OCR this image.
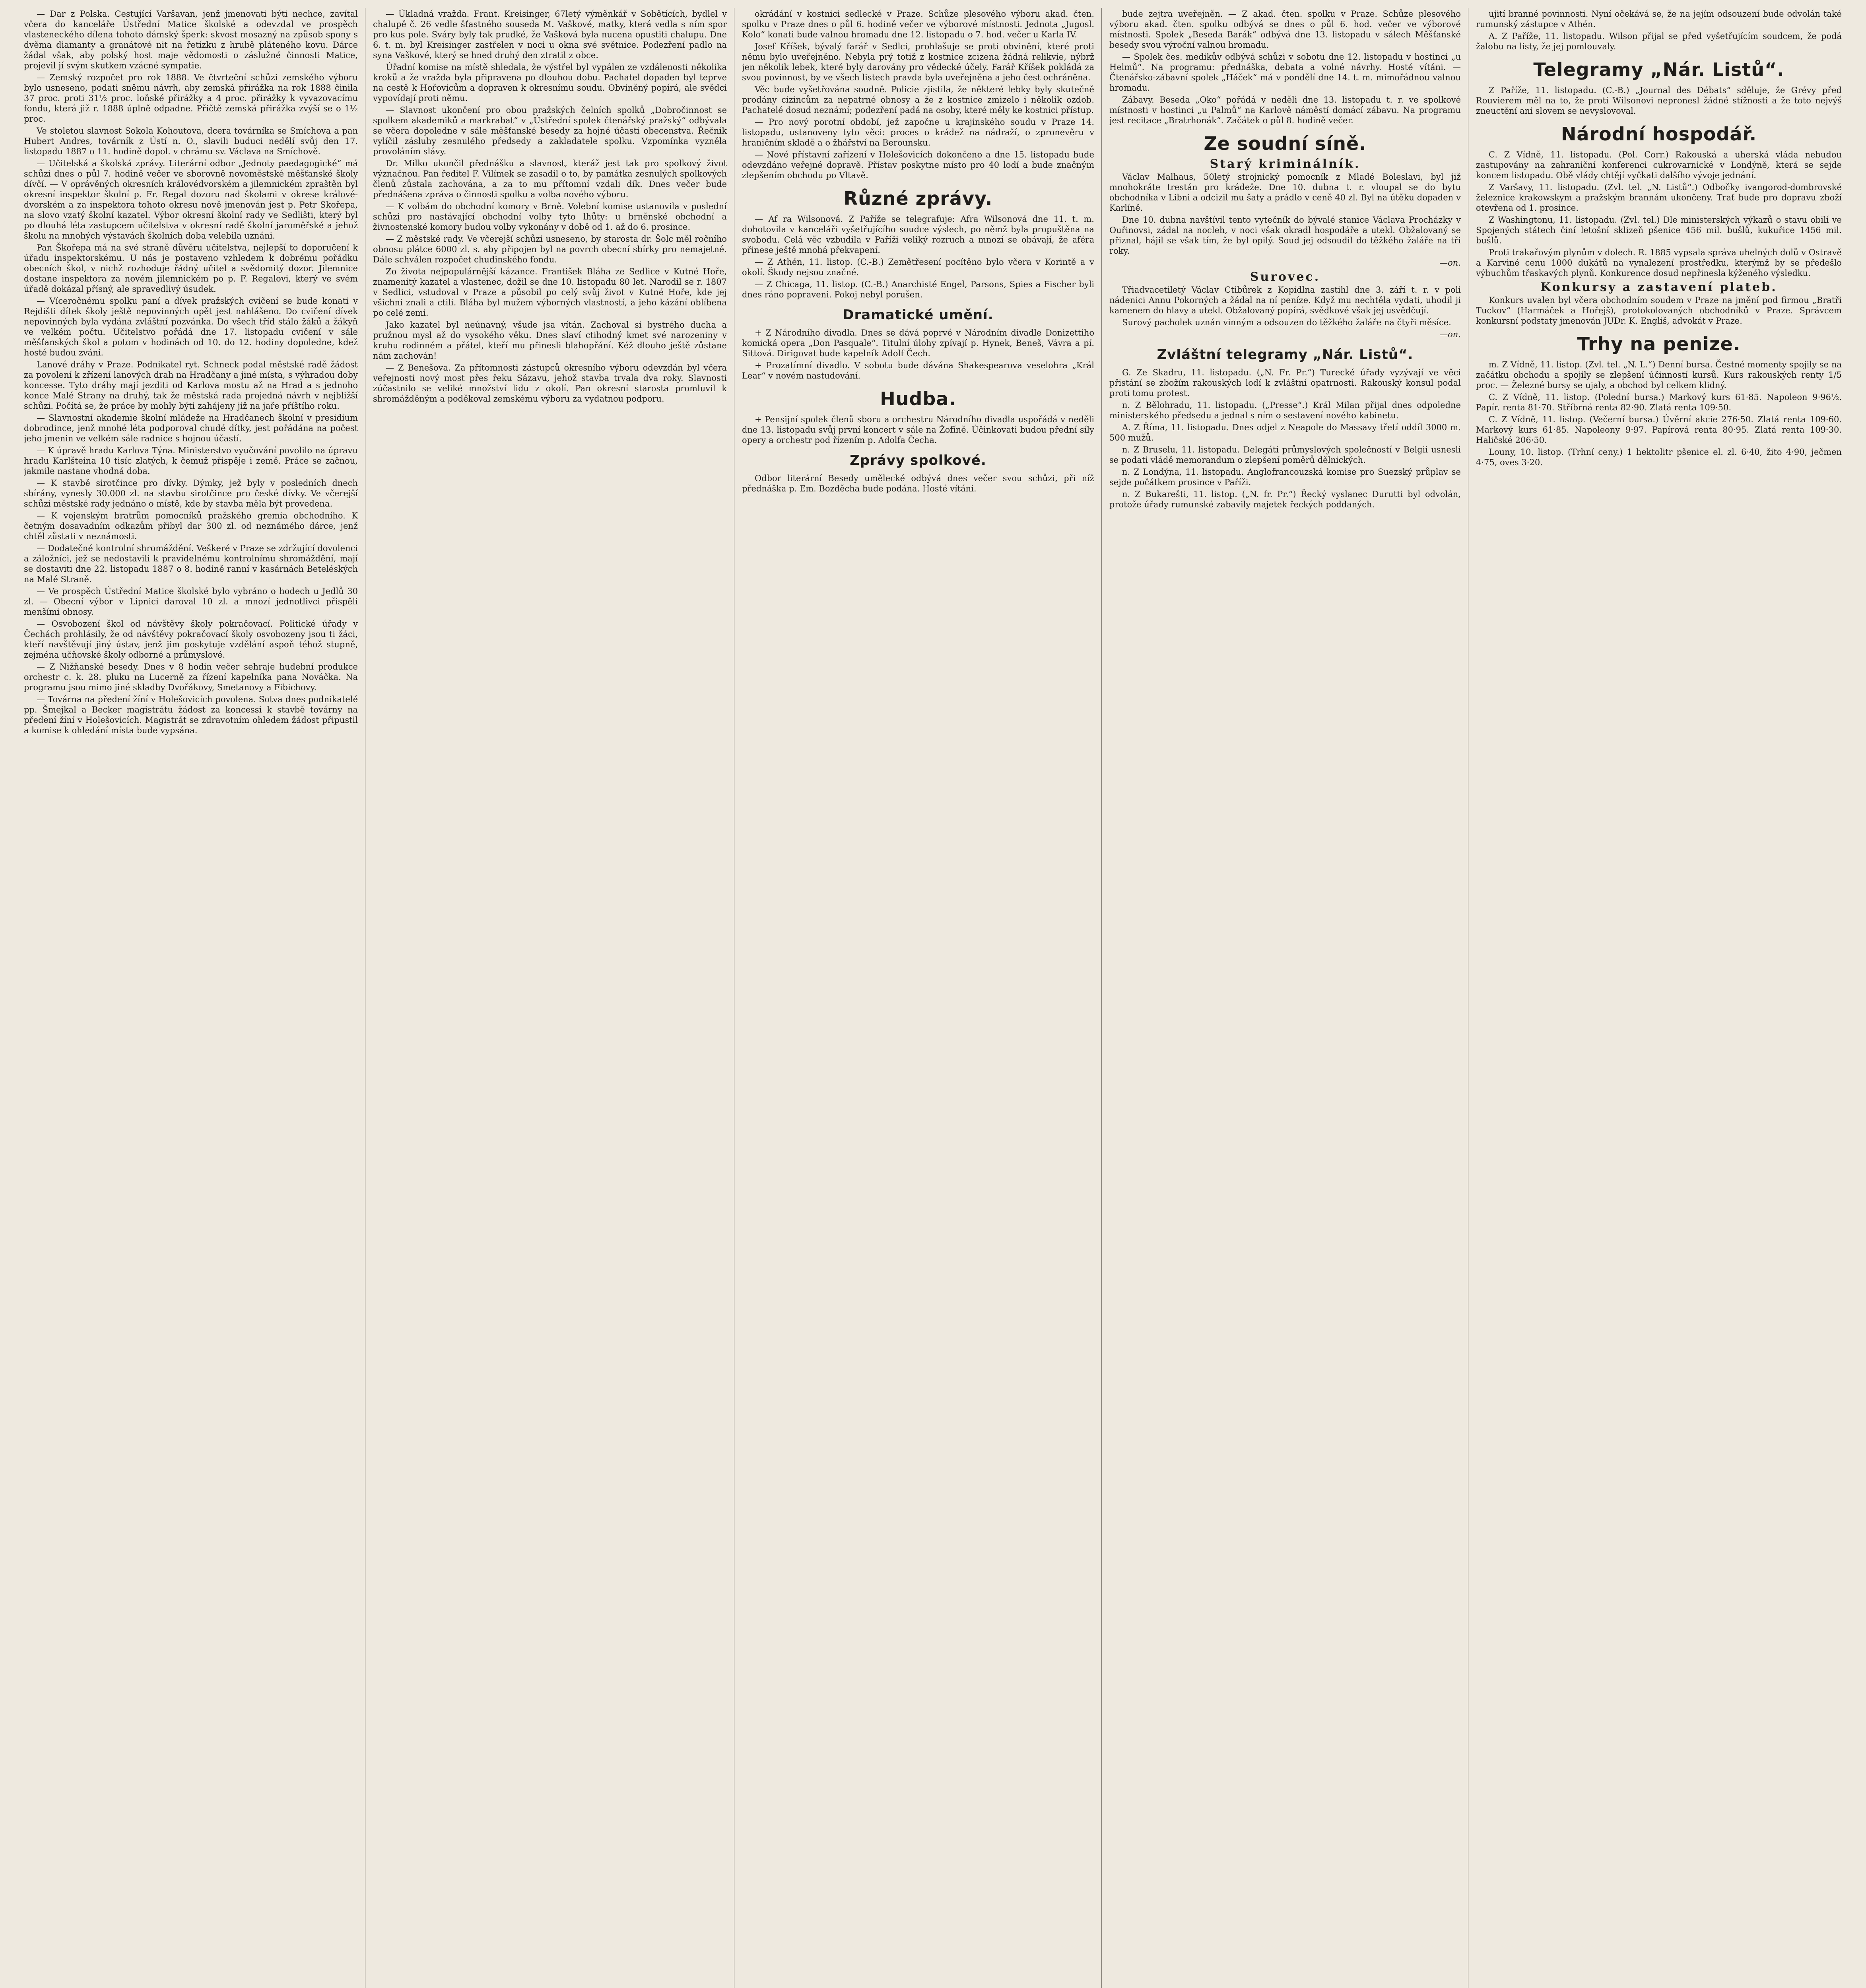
— Dar z Polska. Cestující Varšavan, jenž jmenovati býti nechce, zavítal včera do kanceláře Ústřední Matice školské a odevzdal ve prospěch vlasteneckého dílena tohoto dámský šperk: skvost mosazný na způsob spony s dvěma diamanty a granátové nit na řetízku z hrubě pláteného kovu. Dárce žádal však, aby polský host maje vědomosti o záslužné činnosti Matice, projevil jí svým skutkem vzácné sympatie.

— Zemský rozpočet pro rok 1888. Ve čtvrteční schůzi zemského výboru bylo usneseno, podati sněmu návrh, aby zemská přirážka na rok 1888 činila 37 proc. proti 31½ proc. loňské přirážky a 4 proc. přirážky k vyvazovacímu fondu, která již r. 1888 úplně odpadne. Přičtě zemská přirážka zvýší se o 1½ proc.

Ve stoletou slavnost Sokola Kohoutova, dcera továrníka se Smíchova a pan Hubert Andres, továrník z Ústí n. O., slavili buduci nedělí svůj den 17. listopadu 1887 o 11. hodině dopol. v chrámu sv. Václava na Smíchově.

— Učitelská a školská zprávy. Literární odbor „Jednoty paedagogické“ má schůzi dnes o půl 7. hodině večer ve sborovně novoměstské měšťanské školy dívčí. — V oprávěných okresních královédvorském a jilemnickém zpraštěn byl okresní inspektor školní p. Fr. Regal dozoru nad školami v okrese králové-dvorském a za inspektora tohoto okresu nově jmenován jest p. Petr Skořepa, na slovo vzatý školní kazatel. Výbor okresní školní rady ve Sedlišti, který byl po dlouhá léta zastupcem učitelstva v okresní radě školní jaroměřské a jehož školu na mnohých výstavách školních doba velebila uznáni.

Pan Škořepa má na své straně důvěru učitelstva, nejlepší to doporučení k úřadu inspektorskému. U nás je postaveno vzhledem k dobrému pořádku obecních škol, v nichž rozhoduje řádný učitel a svědomitý dozor. Jilemnice dostane inspektora za novém jilemnickém po p. F. Regalovi, který ve svém úřadě dokázal přísný, ale spravedlivý úsudek.

— Víceročnému spolku paní a dívek pražských cvičení se bude konati v Rejdišti dítek školy ještě nepovinných opět jest nahlášeno. Do cvičení dívek nepovinných byla vydána zvláštní pozvánka. Do všech tříd stálo žáků a žákyň ve velkém počtu. Učitelstvo pořádá dne 17. listopadu cvičení v sále měšťanských škol a potom v hodinách od 10. do 12. hodiny dopoledne, kdež hosté budou zváni.

Lanové dráhy v Praze. Podnikatel ryt. Schneck podal městské radě žádost za povolení k zřízení lanových drah na Hradčany a jiné místa, s výhradou doby koncesse. Tyto dráhy mají jezditi od Karlova mostu až na Hrad a s jednoho konce Malé Strany na druhý, tak že městská rada projedná návrh v nejbližší schůzi. Počítá se, že práce by mohly býti zahájeny již na jaře příštího roku.

— Slavnostní akademie školní mládeže na Hradčanech školní v presidium dobrodince, jenž mnohé léta podporoval chudé dítky, jest pořádána na počest jeho jmenin ve velkém sále radnice s hojnou účastí.

— K úpravě hradu Karlova Týna. Ministerstvo vyučování povolilo na úpravu hradu Karlšteina 10 tisíc zlatých, k čemuž přispěje i země. Práce se začnou, jakmile nastane vhodná doba.

— K stavbě sirotčince pro dívky. Dýmky, jež byly v posledních dnech sbírány, vynesly 30.000 zl. na stavbu sirotčince pro české dívky. Ve včerejší schůzi městské rady jednáno o místě, kde by stavba měla být provedena.

— K vojenským bratrům pomocníků pražského gremia obchodního. K četným dosavadním odkazům přibyl dar 300 zl. od neznámého dárce, jenž chtěl zůstati v neznámosti.

— Dodatečné kontrolní shromáždění. Veškeré v Praze se zdržující dovolenci a záložníci, jež se nedostavili k pravidelnému kontrolnímu shromáždění, mají se dostaviti dne 22. listopadu 1887 o 8. hodině ranní v kasárnách Beteléských na Malé Straně.

— Ve prospěch Ústřední Matice školské bylo vybráno o hodech u Jedlů 30 zl. — Obecní výbor v Lipnici daroval 10 zl. a mnozí jednotlivci přispěli menšími obnosy.

— Osvobození škol od návštěvy školy pokračovací. Politické úřady v Čechách prohlásily, že od návštěvy pokračovací školy osvobozeny jsou ti žáci, kteří navštěvují jiný ústav, jenž jim poskytuje vzdělání aspoň téhož stupně, zejména učňovské školy odborné a průmyslové.

— Z Nižňanské besedy. Dnes v 8 hodin večer sehraje hudební produkce orchestr c. k. 28. pluku na Lucerně za řízení kapelníka pana Nováčka. Na programu jsou mimo jiné skladby Dvořákovy, Smetanovy a Fibichovy.

— Továrna na předení žíní v Holešovicích povolena. Sotva dnes podnikatelé pp. Šmejkal a Becker magistrátu žádost za koncessi k stavbě továrny na předení žíní v Holešovicích. Magistrát se zdravotním ohledem žádost připustil a komise k ohledání místa bude vypsána.

— Úkladná vražda. Frant. Kreisinger, 67letý výměnkář v Sobětících, bydlel v chalupě č. 26 vedle šťastného souseda M. Vaškové, matky, která vedla s ním spor pro kus pole. Sváry byly tak prudké, že Vašková byla nucena opustiti chalupu. Dne 6. t. m. byl Kreisinger zastřelen v noci u okna své světnice. Podezření padlo na syna Vaškové, který se hned druhý den ztratil z obce.

Úřadní komise na místě shledala, že výstřel byl vypálen ze vzdálenosti několika kroků a že vražda byla připravena po dlouhou dobu. Pachatel dopaden byl teprve na cestě k Hořovicům a dopraven k okresnímu soudu. Obviněný popírá, ale svědci vypovídají proti němu.

— Slavnost ukončení pro obou pražských čelních spolků „Dobročinnost se spolkem akademiků a markrabat“ v „Ústřední spolek čtenářský pražský“ odbývala se včera dopoledne v sále měšťanské besedy za hojné účasti obecenstva. Řečník vylíčil zásluhy zesnulého předsedy a zakladatele spolku. Vzpomínka vyzněla provoláním slávy.

Dr. Milko ukončil přednášku a slavnost, kteráž jest tak pro spolkový život význačnou. Pan ředitel F. Vilímek se zasadil o to, by památka zesnulých spolkových členů zůstala zachována, a za to mu přítomní vzdali dík. Dnes večer bude přednášena zpráva o činnosti spolku a volba nového výboru.

— K volbám do obchodní komory v Brně. Volební komise ustanovila v poslední schůzi pro nastávající obchodní volby tyto lhůty: u brněnské obchodní a živnostenské komory budou volby vykonány v době od 1. až do 6. prosince.

— Z městské rady. Ve včerejší schůzi usneseno, by starosta dr. Šolc měl ročního obnosu plátce 6000 zl. s. aby připojen byl na povrch obecní sbírky pro nemajetné. Dále schválen rozpočet chudinského fondu.

Zo života nejpopulárnější kázance. František Bláha ze Sedlice v Kutné Hoře, znamenitý kazatel a vlastenec, dožil se dne 10. listopadu 80 let. Narodil se r. 1807 v Sedlici, vstudoval v Praze a působil po celý svůj život v Kutné Hoře, kde jej všichni znali a ctili. Bláha byl mužem výborných vlastností, a jeho kázání oblíbena po celé zemi.

Jako kazatel byl neúnavný, všude jsa vítán. Zachoval si bystrého ducha a pružnou mysl až do vysokého věku. Dnes slaví ctihodný kmet své narozeniny v kruhu rodinném a přátel, kteří mu přinesli blahopřání. Kéž dlouho ještě zůstane nám zachován!

— Z Benešova. Za přítomnosti zástupců okresního výboru odevzdán byl včera veřejnosti nový most přes řeku Sázavu, jehož stavba trvala dva roky. Slavnosti zúčastnilo se veliké množství lidu z okolí. Pan okresní starosta promluvil k shromážděným a poděkoval zemskému výboru za vydatnou podporu.

okrádání v kostnici sedlecké v Praze. Schůze plesového výboru akad. čten. spolku v Praze dnes o půl 6. hodině večer ve výborové místnosti. Jednota „Jugosl. Kolo“ konati bude valnou hromadu dne 12. listopadu o 7. hod. večer u Karla IV.

Josef Kříšek, bývalý farář v Sedlci, prohlašuje se proti obvinění, které proti němu bylo uveřejněno. Nebyla prý totiž z kostnice zcizena žádná relikvie, nýbrž jen několik lebek, které byly darovány pro vědecké účely. Farář Kříšek pokládá za svou povinnost, by ve všech listech pravda byla uveřejněna a jeho čest ochráněna.

Věc bude vyšetřována soudně. Policie zjistila, že některé lebky byly skutečně prodány cizincům za nepatrné obnosy a že z kostnice zmizelo i několik ozdob. Pachatelé dosud neznámí; podezření padá na osoby, které měly ke kostnici přístup.

— Pro nový porotní období, jež započne u krajinského soudu v Praze 14. listopadu, ustanoveny tyto věci: proces o krádež na nádraží, o zpronevěru v hraničním skladě a o žhářství na Berounsku.

— Nové přístavní zařízení v Holešovicích dokončeno a dne 15. listopadu bude odevzdáno veřejné dopravě. Přístav poskytne místo pro 40 lodí a bude značným zlepšením obchodu po Vltavě.

Různé zprávy.

— Af ra Wilsonová. Z Paříže se telegrafuje: Afra Wilsonová dne 11. t. m. dohotovila v kanceláři vyšetřujícího soudce výslech, po němž byla propuštěna na svobodu. Celá věc vzbudila v Paříži veliký rozruch a mnozí se obávají, že aféra přinese ještě mnohá překvapení.

— Z Athén, 11. listop. (C.-B.) Zemětřesení pocítěno bylo včera v Korintě a v okolí. Škody nejsou značné.

— Z Chicaga, 11. listop. (C.-B.) Anarchisté Engel, Parsons, Spies a Fischer byli dnes ráno popraveni. Pokoj nebyl porušen.

Dramatické umění.

+ Z Národního divadla. Dnes se dává poprvé v Národním divadle Donizettiho komická opera „Don Pasquale“. Titulní úlohy zpívají p. Hynek, Beneš, Vávra a pí. Sittová. Dirigovat bude kapelník Adolf Čech.

+ Prozatímní divadlo. V sobotu bude dávána Shakespearova veselohra „Král Lear“ v novém nastudování.

Hudba.

+ Pensijní spolek členů sboru a orchestru Národního divadla uspořádá v neděli dne 13. listopadu svůj první koncert v sále na Žofíně. Účinkovati budou přední síly opery a orchestr pod řízením p. Adolfa Čecha.

Zprávy spolkové.

Odbor literární Besedy umělecké odbývá dnes večer svou schůzi, při níž přednáška p. Em. Bozděcha bude podána. Hosté vítáni.

bude zejtra uveřejněn. — Z akad. čten. spolku v Praze. Schůze plesového výboru akad. čten. spolku odbývá se dnes o půl 6. hod. večer ve výborové místnosti. Spolek „Beseda Barák“ odbývá dne 13. listopadu v sálech Měšťanské besedy svou výroční valnou hromadu.

— Spolek čes. medikův odbývá schůzi v sobotu dne 12. listopadu v hostinci „u Helmů“. Na programu: přednáška, debata a volné návrhy. Hosté vítáni. — Čtenářsko-zábavní spolek „Háček“ má v pondělí dne 14. t. m. mimořádnou valnou hromadu.

Zábavy. Beseda „Oko“ pořádá v neděli dne 13. listopadu t. r. ve spolkové místnosti v hostinci „u Palmů“ na Karlově náměstí domácí zábavu. Na programu jest recitace „Bratrhonák“. Začátek o půl 8. hodině večer.

Ze soudní síně.
Starý kriminálník.

Václav Malhaus, 50letý strojnický pomocník z Mladé Boleslavi, byl již mnohokráte trestán pro krádeže. Dne 10. dubna t. r. vloupal se do bytu obchodníka v Libni a odcizil mu šaty a prádlo v ceně 40 zl. Byl na útěku dopaden v Karlíně.

Dne 10. dubna navštívil tento vytečník do bývalé stanice Václava Procházky v Ouřinovsi, zádal na nocleh, v noci však okradl hospodáře a utekl. Obžalovaný se přiznal, hájil se však tím, že byl opilý. Soud jej odsoudil do těžkého žaláře na tři roky.

—on.

Surovec.

Třiadvacetiletý Václav Ctibůrek z Kopidlna zastihl dne 3. září t. r. v poli nádenici Annu Pokorných a žádal na ní peníze. Když mu nechtěla vydati, uhodil ji kamenem do hlavy a utekl. Obžalovaný popírá, svědkové však jej usvědčují.

Surový pacholek uznán vinným a odsouzen do těžkého žaláře na čtyři měsíce.

—on.

Zvláštní telegramy „Nár. Listů“.

G. Ze Skadru, 11. listopadu. („N. Fr. Pr.“) Turecké úřady vyzývají ve věci přistání se zbožím rakouských lodí k zvláštní opatrnosti. Rakouský konsul podal proti tomu protest.

n. Z Bělohradu, 11. listopadu. („Presse“.) Král Milan přijal dnes odpoledne ministerského předsedu a jednal s ním o sestavení nového kabinetu.

A. Z Říma, 11. listopadu. Dnes odjel z Neapole do Massavy třetí oddíl 3000 m. 500 mužů.

n. Z Bruselu, 11. listopadu. Delegáti průmyslových společností v Belgii usnesli se podati vládě memorandum o zlepšení poměrů dělnických.

n. Z Londýna, 11. listopadu. Anglofrancouzská komise pro Suezský průplav se sejde počátkem prosince v Paříži.

n. Z Bukarešti, 11. listop. („N. fr. Pr.“) Řecký vyslanec Durutti byl odvolán, protože úřady rumunské zabavily majetek řeckých poddaných.

ujití branné povinnosti. Nyní očekává se, že na jejím odsouzení bude odvolán také rumunský zástupce v Athén.

A. Z Paříže, 11. listopadu. Wilson přijal se před vyšetřujícím soudcem, že podá žalobu na listy, že jej pomlouvaly.

Telegramy „Nár. Listů“.

Z Paříže, 11. listopadu. (C.-B.) „Journal des Débats“ sděluje, že Grévy před Rouvierem měl na to, že proti Wilsonovi nepronesl žádné stížnosti a že toto nejvýš zneuctění ani slovem se nevyslovoval.

Národní hospodář.

C. Z Vídně, 11. listopadu. (Pol. Corr.) Rakouská a uherská vláda nebudou zastupovány na zahraniční konferenci cukrovarnické v Londýně, která se sejde koncem listopadu. Obě vlády chtějí vyčkati dalšího vývoje jednání.

Z Varšavy, 11. listopadu. (Zvl. tel. „N. Listů“.) Odbočky ivangorod-dombrovské železnice krakowskym a pražským brannám ukončeny. Trať bude pro dopravu zboží otevřena od 1. prosince.

Z Washingtonu, 11. listopadu. (Zvl. tel.) Dle ministerských výkazů o stavu obilí ve Spojených státech činí letošní sklizeň pšenice 456 mil. bušlů, kukuřice 1456 mil. bušlů.

Proti trakařovým plynům v dolech. R. 1885 vypsala správa uhelných dolů v Ostravě a Karviné cenu 1000 dukátů na vynalezení prostředku, kterýmž by se předešlo výbuchům třaskavých plynů. Konkurence dosud nepřinesla kýženého výsledku.

Konkursy a zastavení plateb.

Konkurs uvalen byl včera obchodním soudem v Praze na jmění pod firmou „Bratři Tuckov“ (Harmáček a Hořejš), protokolovaných obchodníků v Praze. Správcem konkursní podstaty jmenován JUDr. K. Engliš, advokát v Praze.

Trhy na penize.

m. Z Vídně, 11. listop. (Zvl. tel. „N. L.“) Denní bursa. Čestné momenty spojily se na začátku obchodu a spojily se zlepšení účinností kursů. Kurs rakouských renty 1/5 proc. — Železné bursy se ujaly, a obchod byl celkem klidný.

C. Z Vídně, 11. listop. (Polední bursa.) Markový kurs 61·85. Napoleon 9·96½. Papír. renta 81·70. Stříbrná renta 82·90. Zlatá renta 109·50.

C. Z Vídně, 11. listop. (Večerní bursa.) Úvěrní akcie 276·50. Zlatá renta 109·60. Markový kurs 61·85. Napoleony 9·97. Papírová renta 80·95. Zlatá renta 109·30. Haličské 206·50.

Louny, 10. listop. (Trhní ceny.) 1 hektolitr pšenice el. zl. 6·40, žito 4·90, ječmen 4·75, oves 3·20.
